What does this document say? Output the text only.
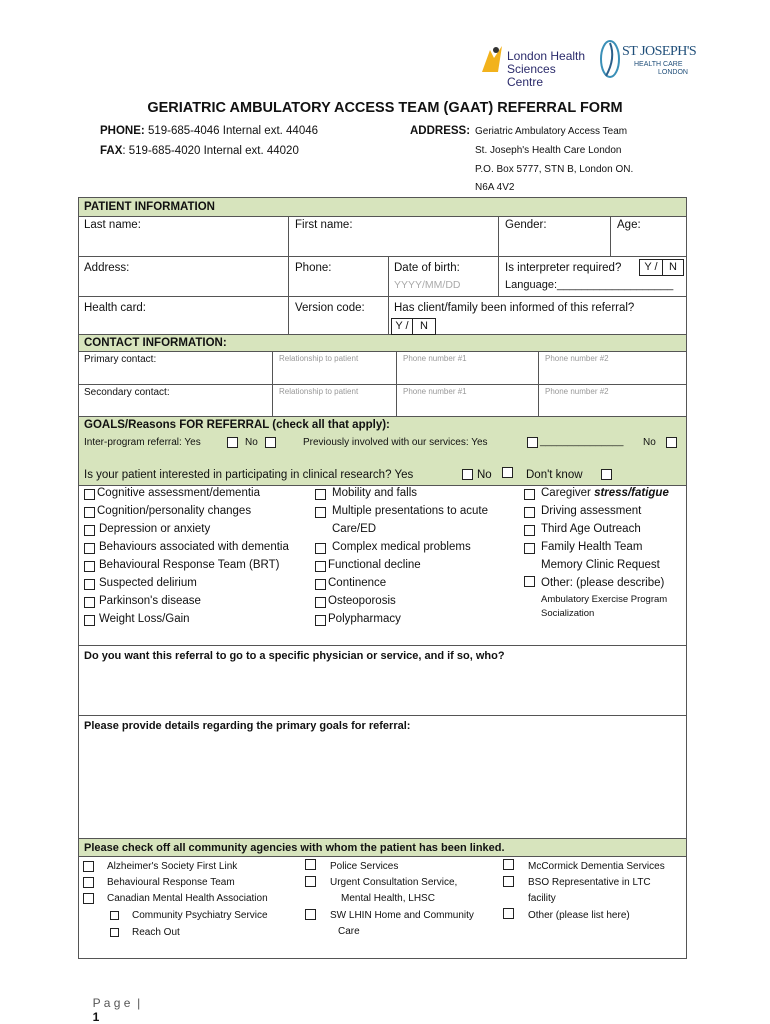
London Health
Sciences Centre
ST JOSEPH'S
HEALTH CARE
LONDON
GERIATRIC AMBULATORY ACCESS TEAM (GAAT) REFERRAL FORM
PHONE: 519-685-4046 Internal ext. 44046
FAX: 519-685-4020 Internal ext. 44020
ADDRESS: Geriatric Ambulatory Access Team
St. Joseph's Health Care London
P.O. Box 5777, STN B, London ON.
N6A 4V2
PATIENT INFORMATION
Last name:	First name:	Gender:	Age:
Address:	Phone:	Date of birth:
YYYY/MM/DD
Is interpreter required?	Y /	N
Language:___________________
Health card:	Version code:	Has client/family been informed of this referral?
Y /	N
CONTACT INFORMATION:
Primary contact:	Relationship to patient	Phone number #1	Phone number #2
Secondary contact:	Relationship to patient	Phone number #1	Phone number #2
GOALS/Reasons FOR REFERRAL (check all that apply):
Inter-program referral: Yes	No	Previously involved with our services: Yes	_______________ No
Is your patient interested in participating in clinical research? Yes	No	Don't know
Cognitive assessment/dementia
Cognition/personality changes
Depression or anxiety
Behaviours associated with dementia
Behavioural Response Team (BRT)
Suspected delirium
Parkinson's disease
Weight Loss/Gain
Mobility and falls
Multiple presentations to acute
Care/ED
Complex medical problems
Functional decline
Continence
Osteoporosis
Polypharmacy
Caregiver stress/fatigue
Driving assessment
Third Age Outreach
Family Health Team
Memory Clinic Request
Other: (please describe)
Ambulatory Exercise Program
Socialization
Do you want this referral to go to a specific physician or service, and if so, who?
Please provide details regarding the primary goals for referral:
Please check off all community agencies with whom the patient has been linked.
Alzheimer's Society First Link
Behavioural Response Team
Canadian Mental Health Association
Community Psychiatry Service
Reach Out
Police Services
Urgent Consultation Service,
Mental Health, LHSC
SW LHIN Home and Community
Care
McCormick Dementia Services
BSO Representative in LTC
facility
Other (please list here)

P a g e  |
1
